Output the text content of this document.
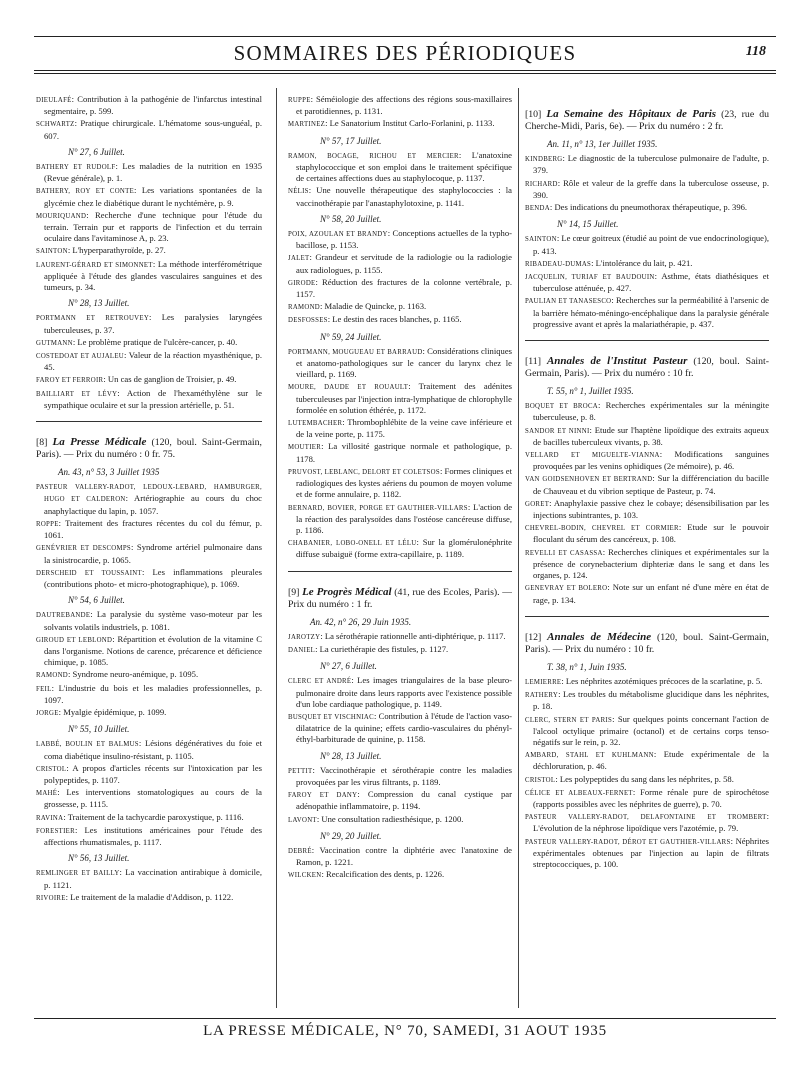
SOMMAIRES DES PÉRIODIQUES	118
DIEULAFÉ: Contribution à la pathogénie de l'infarctus intestinal segmentaire, p. 599.
SCHWARTZ: Pratique chirurgicale. L'hématome sous-unguéal, p. 607.
N° 27, 6 Juillet.
BATHERY ET RUDOLF: Les maladies de la nutrition en 1935 (Revue générale), p. 1.
BATHERY, ROY ET CONTE: Les variations spontanées de la glycémie chez le diabétique durant le nychtémère, p. 9.
MOURIQUAND: Recherche d'une technique pour l'étude du terrain. Terrain pur et rapports de l'infection et du terrain oculaire dans l'avitaminose A, p. 23.
SAINTON: L'hyperparathyroïde, p. 27.
LAURENT-GÉRARD ET SIMONNET: La méthode interférométrique appliquée à l'étude des glandes vasculaires sanguines et des tumeurs, p. 34.
N° 28, 13 Juillet.
PORTMANN ET RETROUVEY: Les paralysies laryngées tuberculeuses, p. 37.
GUTMANN: Le problème pratique de l'ulcère-cancer, p. 40.
COSTEDOAT ET AUJALEU: Valeur de la réaction myasthénique, p. 45.
FAROY ET FERROIR: Un cas de ganglion de Troisier, p. 49.
BAILLIART ET LÉVY: Action de l'hexaméthylène sur le sympathique oculaire et sur la pression artérielle, p. 51.
[8] La Presse Médicale (120, boul. Saint-Germain, Paris). — Prix du numéro : 0 fr. 75.
An. 43, n° 53, 3 Juillet 1935
PASTEUR VALLERY-RADOT, LEDOUX-LEBARD, HAMBURGER, HUGO ET CALDERON: Artériographie au cours du choc anaphylactique du lapin, p. 1057.
ROPPE: Traitement des fractures récentes du col du fémur, p. 1061.
GENÉVRIER ET DESCOMPS: Syndrome artériel pulmonaire dans la sinistrocardie, p. 1065.
DERSCHEID ET TOUSSAINT: Les inflammations pleurales (contributions photo- et micro-photographique), p. 1069.
N° 54, 6 Juillet.
DAUTREBANDE: La paralysie du système vaso-moteur par les solvants volatils industriels, p. 1081.
GIROUD ET LEBLOND: Répartition et évolution de la vitamine C dans l'organisme. Notions de carence, précarence et déficience chimique, p. 1085.
RAMOND: Syndrome neuro-anémique, p. 1095.
FEIL: L'industrie du bois et les maladies professionnelles, p. 1097.
JORGE: Myalgie épidémique, p. 1099.
N° 55, 10 Juillet.
LABBÉ, BOULIN ET BALMUS: Lésions dégénératives du foie et coma diabétique insulino-résistant, p. 1105.
CRISTOL: A propos d'articles récents sur l'intoxication par les polypeptides, p. 1107.
MAHÉ: Les interventions stomatologiques au cours de la grossesse, p. 1115.
RAVINA: Traitement de la tachycardie paroxystique, p. 1116.
FORESTIER: Les institutions américaines pour l'étude des affections rhumatismales, p. 1117.
N° 56, 13 Juillet.
REMLINGER ET BAILLY: La vaccination antirabique à domicile, p. 1121.
RIVOIRE: Le traitement de la maladie d'Addison, p. 1122.
RUPPE: Séméiologie des affections des régions sous-maxillaires et parotidiennes, p. 1131.
MARTINEZ: Le Sanatorium Institut Carlo-Forlanini, p. 1133.
N° 57, 17 Juillet.
RAMON, BOCAGE, RICHOU ET MERCIER: L'anatoxine staphylococcique et son emploi dans le traitement spécifique de certaines affections dues au staphylocoque, p. 1137.
NÉLIS: Une nouvelle thérapeutique des staphylococcies : la vaccinothérapie par l'anastaphylotoxine, p. 1141.
N° 58, 20 Juillet.
POIX, AZOULAN ET BRANDY: Conceptions actuelles de la typho-bacillose, p. 1153.
JALET: Grandeur et servitude de la radiologie ou la radiologie aux radiologues, p. 1155.
GIRODE: Réduction des fractures de la colonne vertébrale, p. 1157.
RAMOND: Maladie de Quincke, p. 1163.
DESFOSSES: Le destin des races blanches, p. 1165.
N° 59, 24 Juillet.
PORTMANN, MOUGUEAU ET BARRAUD: Considérations cliniques et anatomo-pathologiques sur le cancer du larynx chez le vieillard, p. 1169.
MOURE, DAUDE ET ROUAULT: Traitement des adénites tuberculeuses par l'injection intra-lymphatique de chlorophylle formolée en solution éthérée, p. 1172.
LUTEMBACHER: Thrombophlébite de la veine cave inférieure et de la veine porte, p. 1175.
MOUTIER: La villosité gastrique normale et pathologique, p. 1178.
PRUVOST, LEBLANC, DELORT ET COLETSOS: Formes cliniques et radiologiques des kystes aériens du poumon de moyen volume et de forme annulaire, p. 1182.
BERNARD, BOVIER, PORGE ET GAUTHIER-VILLARS: L'action de la réaction des paralysoïdes dans l'ostéose cancéreuse diffuse, p. 1186.
CHABANIER, LOBO-ONELL ET LÉLU: Sur la glomérulonéphrite diffuse subaiguë (forme extra-capillaire, p. 1189.
[9] Le Progrès Médical (41, rue des Ecoles, Paris). — Prix du numéro : 1 fr.
An. 42, n° 26, 29 Juin 1935.
JAROTZY: La sérothérapie rationnelle anti-diphtérique, p. 1117.
DANIEL: La curiethérapie des fistules, p. 1127.
N° 27, 6 Juillet.
CLERC ET ANDRÉ: Les images triangulaires de la base pleuro-pulmonaire droite dans leurs rapports avec l'existence possible d'un lobe cardiaque pathologique, p. 1149.
BUSQUET ET VISCHNIAC: Contribution à l'étude de l'action vaso-dilatatrice de la quinine; effets cardio-vasculaires du phényl-éthyl-barbiturade de quinine, p. 1158.
N° 28, 13 Juillet.
PETTIT: Vaccinothérapie et sérothérapie contre les maladies provoquées par les virus filtrants, p. 1189.
FAROY ET DANY: Compression du canal cystique par adénopathie inflammatoire, p. 1194.
LAVONT: Une consultation radiesthésique, p. 1200.
N° 29, 20 Juillet.
DEBRÉ: Vaccination contre la diphtérie avec l'anatoxine de Ramon, p. 1221.
WILCKEN: Recalcification des dents, p. 1226.
[10] La Semaine des Hôpitaux de Paris (23, rue du Cherche-Midi, Paris, 6e). — Prix du numéro : 2 fr.
An. 11, n° 13, 1er Juillet 1935.
KINDBERG: Le diagnostic de la tuberculose pulmonaire de l'adulte, p. 379.
RICHARD: Rôle et valeur de la greffe dans la tuberculose osseuse, p. 390.
BENDA: Des indications du pneumothorax thérapeutique, p. 396.
N° 14, 15 Juillet.
SAINTON: Le cœur goitreux (étudié au point de vue endocrinologique), p. 413.
RIBADEAU-DUMAS: L'intolérance du lait, p. 421.
JACQUELIN, TURIAF ET BAUDOUIN: Asthme, états diathésiques et tuberculose atténuée, p. 427.
PAULIAN ET TANASESCO: Recherches sur la perméabilité à l'arsenic de la barrière hémato-méningo-encéphalique dans la paralysie générale progressive avant et après la malariathérapie, p. 437.
[11] Annales de l'Institut Pasteur (120, boul. Saint-Germain, Paris). — Prix du numéro : 10 fr.
T. 55, n° 1, Juillet 1935.
BOQUET ET BROCA: Recherches expérimentales sur la méningite tuberculeuse, p. 8.
SANDOR ET NINNI: Etude sur l'haptène lipoïdique des extraits aqueux de bacilles tuberculeux vivants, p. 38.
VELLARD ET MIGUELTE-VIANNA: Modifications sanguines provoquées par les venins ophidiques (2e mémoire), p. 46.
VAN GOIDSENHOVEN ET BERTRAND: Sur la différenciation du bacille de Chauveau et du vibrion septique de Pasteur, p. 74.
GORET: Anaphylaxie passive chez le cobaye; désensibilisation par les injections subintrantes, p. 103.
CHEVREL-BODIN, CHEVREL ET CORMIER: Etude sur le pouvoir floculant du sérum des cancéreux, p. 108.
REVELLI ET CASASSA: Recherches cliniques et expérimentales sur la présence de corynebacterium diphteriæ dans le sang et dans les organes, p. 124.
GENEVRAY ET BOLERO: Note sur un enfant né d'une mère en état de rage, p. 134.
[12] Annales de Médecine (120, boul. Saint-Germain, Paris). — Prix du numéro : 10 fr.
T. 38, n° 1, Juin 1935.
LEMIERRE: Les néphrites azotémiques précoces de la scarlatine, p. 5.
RATHERY: Les troubles du métabolisme glucidique dans les néphrites, p. 18.
CLERC, STERN ET PARIS: Sur quelques points concernant l'action de l'alcool octylique primaire (octanol) et de certains corps tenso-négatifs sur le rein, p. 32.
AMBARD, STAHL ET KUHLMANN: Etude expérimentale de la déchloruration, p. 46.
CRISTOL: Les polypeptides du sang dans les néphrites, p. 58.
CÉLICE ET ALBEAUX-FERNET: Forme rénale pure de spirochétose (rapports possibles avec les néphrites de guerre), p. 70.
PASTEUR VALLERY-RADOT, DELAFONTAINE ET TROMBERT: L'évolution de la néphrose lipoïdique vers l'azotémie, p. 79.
PASTEUR VALLERY-RADOT, DÉROT ET GAUTHIER-VILLARS: Néphrites expérimentales obtenues par l'injection au lapin de filtrats streptococciques, p. 100.
LA PRESSE MÉDICALE, N° 70, SAMEDI, 31 AOUT 1935
